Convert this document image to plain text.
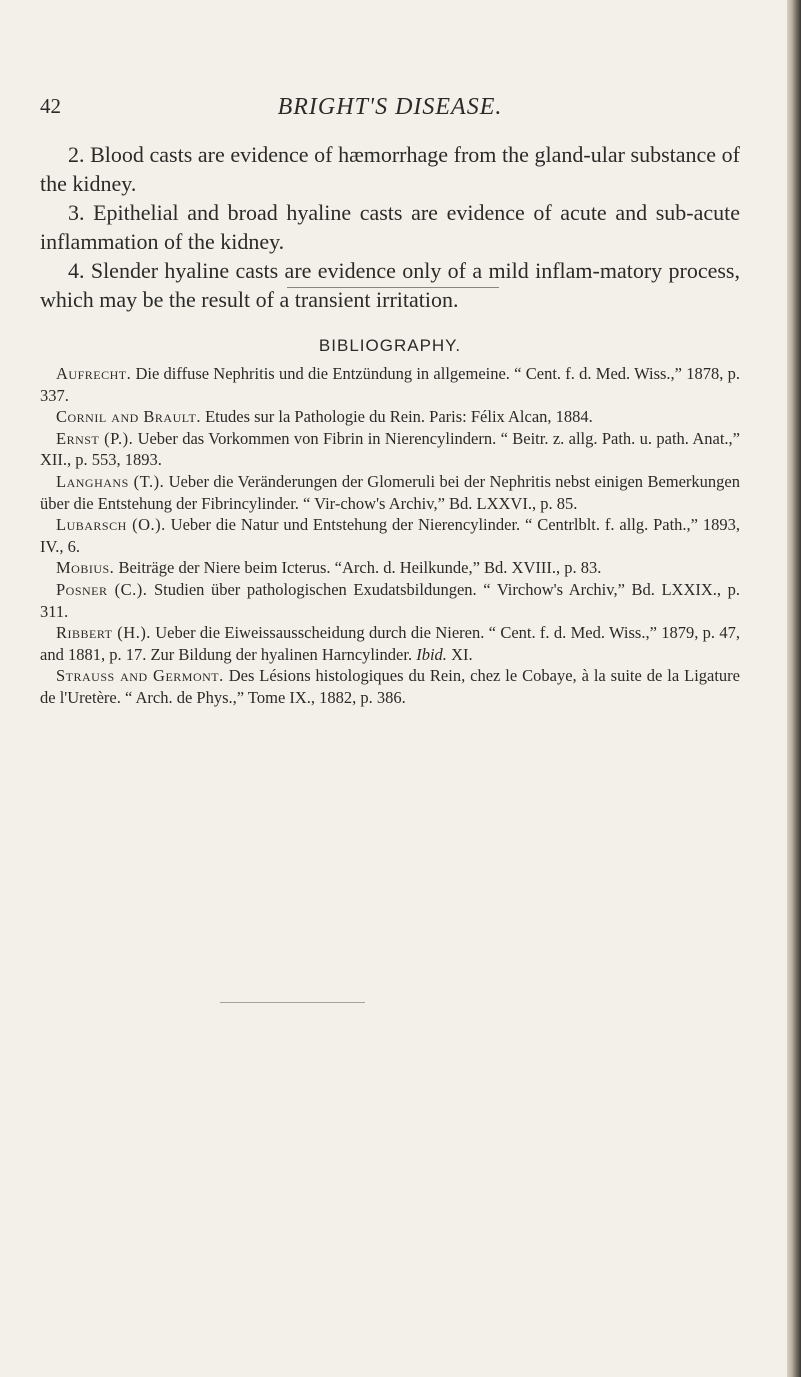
42	BRIGHT'S DISEASE.

2. Blood casts are evidence of hæmorrhage from the gland-ular substance of the kidney.

3. Epithelial and broad hyaline casts are evidence of acute and sub-acute inflammation of the kidney.

4. Slender hyaline casts are evidence only of a mild inflam-matory process, which may be the result of a transient irritation.

BIBLIOGRAPHY.

Aufrecht. Die diffuse Nephritis und die Entzündung in allgemeine. “ Cent. f. d. Med. Wiss.,” 1878, p. 337.

Cornil and Brault. Etudes sur la Pathologie du Rein. Paris: Félix Alcan, 1884.

Ernst (P.). Ueber das Vorkommen von Fibrin in Nierencylindern. “ Beitr. z. allg. Path. u. path. Anat.,” XII., p. 553, 1893.

Langhans (T.). Ueber die Veränderungen der Glomeruli bei der Nephritis nebst einigen Bemerkungen über die Entstehung der Fibrincylinder. “ Vir-chow's Archiv,” Bd. LXXVI., p. 85.

Lubarsch (O.). Ueber die Natur und Entstehung der Nierencylinder. “ Centrlblt. f. allg. Path.,” 1893, IV., 6.

Mobius. Beiträge der Niere beim Icterus. “Arch. d. Heilkunde,” Bd. XVIII., p. 83.

Posner (C.). Studien über pathologischen Exudatsbildungen. “ Virchow's Archiv,” Bd. LXXIX., p. 311.

Ribbert (H.). Ueber die Eiweissausscheidung durch die Nieren. “ Cent. f. d. Med. Wiss.,” 1879, p. 47, and 1881, p. 17. Zur Bildung der hyalinen Harncylinder. Ibid. XI.

Strauss and Germont. Des Lésions histologiques du Rein, chez le Cobaye, à la suite de la Ligature de l'Uretère. “ Arch. de Phys.,” Tome IX., 1882, p. 386.
